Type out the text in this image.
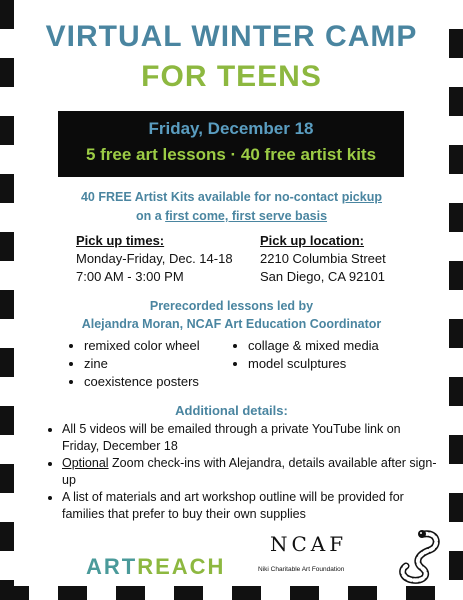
VIRTUAL WINTER CAMP
FOR TEENS
Friday, December 18
5 free art lessons · 40 free artist kits
40 FREE Artist Kits available for no-contact pickup
on a first come, first serve basis
Pick up times:
Monday-Friday, Dec. 14-18
7:00 AM - 3:00 PM
Pick up location:
2210 Columbia Street
San Diego, CA 92101
Prerecorded lessons led by
Alejandra Moran, NCAF Art Education Coordinator
• remixed color wheel
• zine
• coexistence posters
• collage & mixed media
• model sculptures
Additional details:
• All 5 videos will be emailed through a private YouTube link on Friday, December 18
• Optional Zoom check-ins with Alejandra, details available after sign-up
• A list of materials and art workshop outline will be provided for families that prefer to buy their own supplies
ARTREACH
NCAF
Niki Charitable Art Foundation
